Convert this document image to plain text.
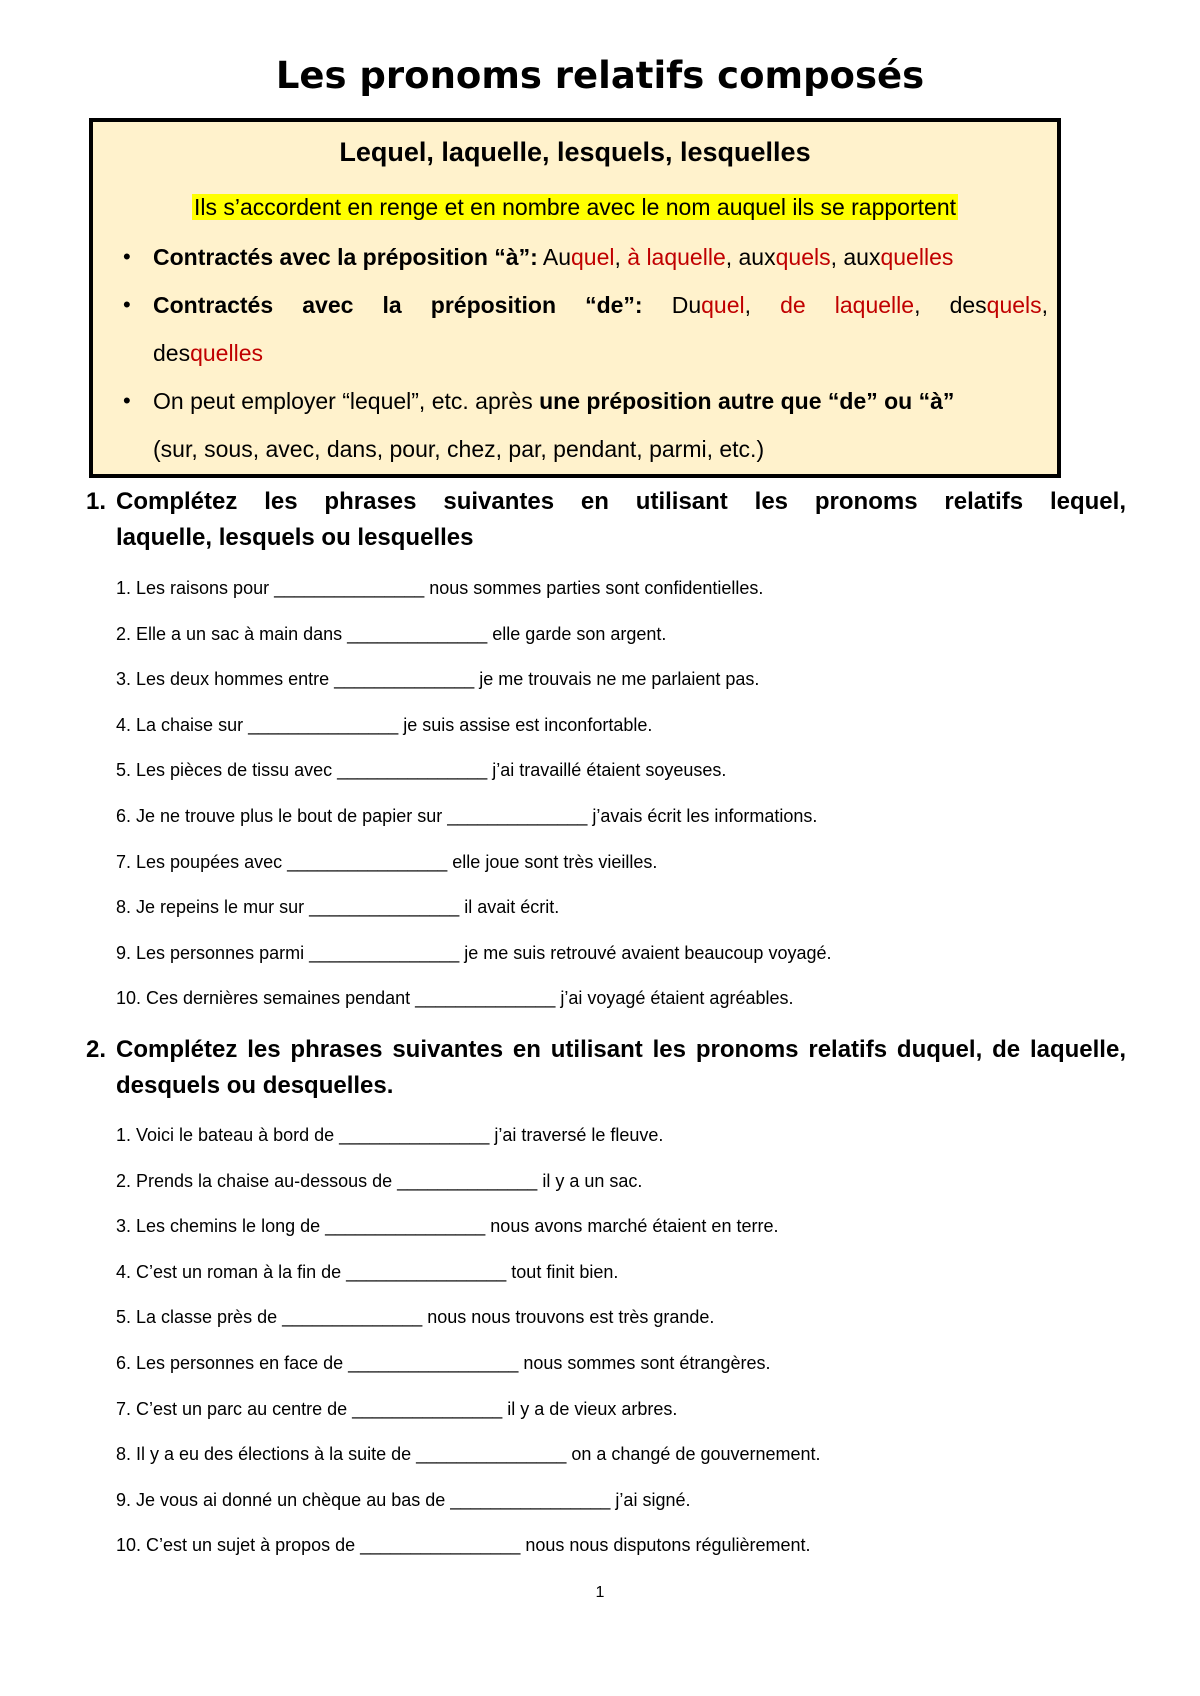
Les pronoms relatifs composés
Lequel, laquelle, lesquels, lesquelles
Ils s’accordent en renge et en nombre avec le nom auquel ils se rapportent
• Contractés avec la préposition “à”: Auquel, à laquelle, auxquels, auxquelles
• Contractés avec la préposition “de”: Duquel, de laquelle, desquels,
desquelles
• On peut employer “lequel”, etc. après une préposition autre que “de” ou “à”
(sur, sous, avec, dans, pour, chez, par, pendant, parmi, etc.)
1. Complétez les phrases suivantes en utilisant les pronoms relatifs lequel,
laquelle, lesquels ou lesquelles
1. Les raisons pour _______________ nous sommes parties sont confidentielles.
2. Elle a un sac à main dans ______________ elle garde son argent.
3. Les deux hommes entre ______________ je me trouvais ne me parlaient pas.
4. La chaise sur _______________ je suis assise est inconfortable.
5. Les pièces de tissu avec _______________ j’ai travaillé étaient soyeuses.
6. Je ne trouve plus le bout de papier sur ______________ j’avais écrit les informations.
7. Les poupées avec ________________ elle joue sont très vieilles.
8. Je repeins le mur sur _______________ il avait écrit.
9. Les personnes parmi _______________ je me suis retrouvé avaient beaucoup voyagé.
10. Ces dernières semaines pendant ______________ j’ai voyagé étaient agréables.
2. Complétez les phrases suivantes en utilisant les pronoms relatifs duquel, de laquelle,
desquels ou desquelles.
1. Voici le bateau à bord de _______________ j’ai traversé le fleuve.
2. Prends la chaise au-dessous de ______________ il y a un sac.
3. Les chemins le long de ________________ nous avons marché étaient en terre.
4. C’est un roman à la fin de ________________ tout finit bien.
5. La classe près de ______________ nous nous trouvons est très grande.
6. Les personnes en face de _________________ nous sommes sont étrangères.
7. C’est un parc au centre de _______________ il y a de vieux arbres.
8. Il y a eu des élections à la suite de _______________ on a changé de gouvernement.
9. Je vous ai donné un chèque au bas de ________________ j’ai signé.
10. C’est un sujet à propos de ________________ nous nous disputons régulièrement.
1
